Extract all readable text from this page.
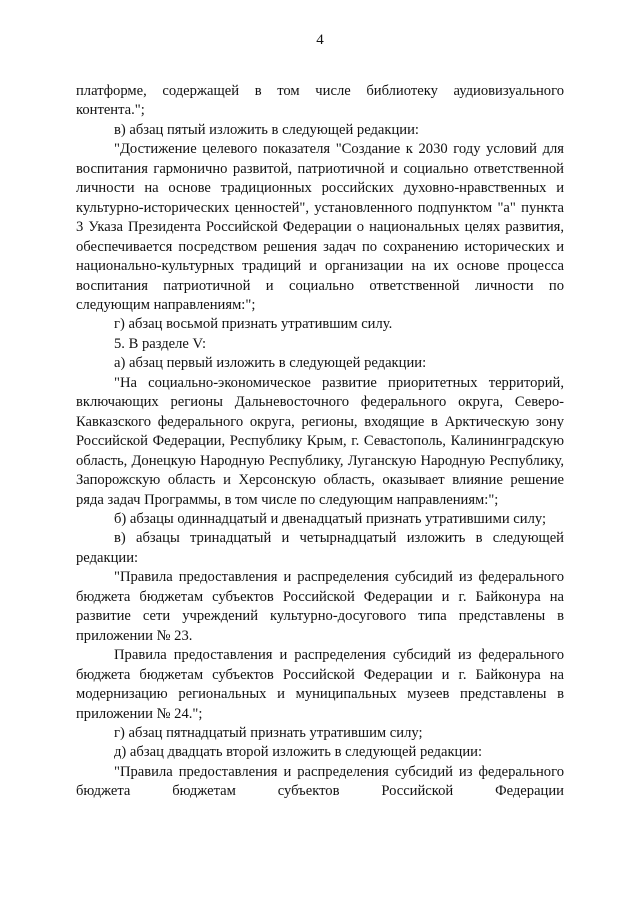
4

платформе, содержащей в том числе библиотеку аудиовизуального контента.";

в) абзац пятый изложить в следующей редакции:

"Достижение целевого показателя "Создание к 2030 году условий для воспитания гармонично развитой, патриотичной и социально ответственной личности на основе традиционных российских духовно-нравственных и культурно-исторических ценностей", установленного подпунктом "а" пункта 3 Указа Президента Российской Федерации о национальных целях развития, обеспечивается посредством решения задач по сохранению исторических и национально-культурных традиций и организации на их основе процесса воспитания патриотичной и социально ответственной личности по следующим направлениям:";

г) абзац восьмой признать утратившим силу.

5. В разделе V:

а) абзац первый изложить в следующей редакции:

"На социально-экономическое развитие приоритетных территорий, включающих регионы Дальневосточного федерального округа, Северо-Кавказского федерального округа, регионы, входящие в Арктическую зону Российской Федерации, Республику Крым, г. Севастополь, Калининградскую область, Донецкую Народную Республику, Луганскую Народную Республику, Запорожскую область и Херсонскую область, оказывает влияние решение ряда задач Программы, в том числе по следующим направлениям:";

б) абзацы одиннадцатый и двенадцатый признать утратившими силу;

в) абзацы тринадцатый и четырнадцатый изложить в следующей редакции:

"Правила предоставления и распределения субсидий из федерального бюджета бюджетам субъектов Российской Федерации и г. Байконура на развитие сети учреждений культурно-досугового типа представлены в приложении № 23.

Правила предоставления и распределения субсидий из федерального бюджета бюджетам субъектов Российской Федерации и г. Байконура на модернизацию региональных и муниципальных музеев представлены в приложении № 24.";

г) абзац пятнадцатый признать утратившим силу;

д) абзац двадцать второй изложить в следующей редакции:

"Правила предоставления и распределения субсидий из федерального бюджета бюджетам субъектов Российской Федерации
